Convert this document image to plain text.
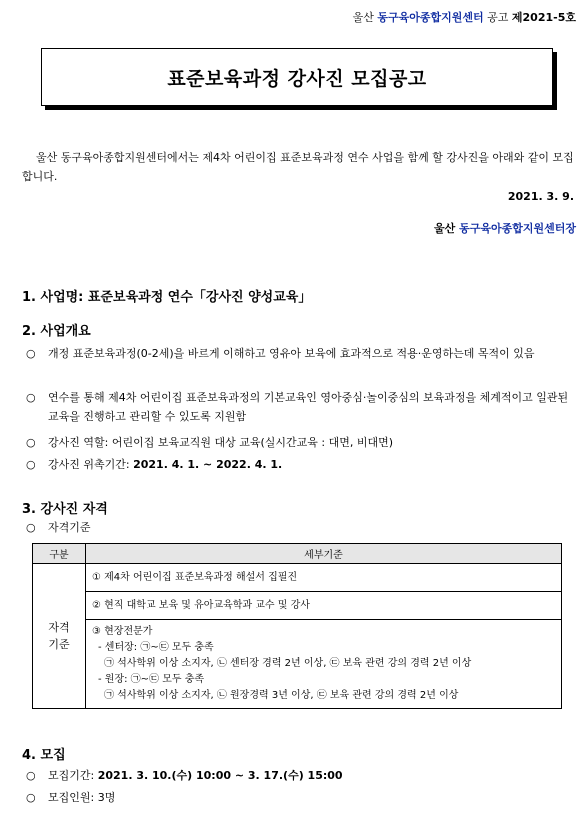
울산 동구육아종합지원센터 공고 제2021-5호
표준보육과정 강사진 모집공고
울산 동구육아종합지원센터에서는 제4차 어린이집 표준보육과정 연수 사업을 함께 할 강사진을 아래와 같이 모집합니다.
2021. 3. 9.
울산 동구육아종합지원센터장
1. 사업명: 표준보육과정 연수「강사진 양성교육」
2. 사업개요
○ 개정 표준보육과정(0-2세)을 바르게 이해하고 영유아 보육에 효과적으로 적용·운영하는데 목적이 있음
○ 연수를 통해 제4차 어린이집 표준보육과정의 기본교육인 영아중심·놀이중심의 보육과정을 체계적이고 일관된 교육을 진행하고 관리할 수 있도록 지원함
○ 강사진 역할: 어린이집 보육교직원 대상 교육(실시간교육 : 대면, 비대면)
○ 강사진 위촉기간: 2021. 4. 1. ~ 2022. 4. 1.
3. 강사진 자격
○ 자격기준
구분	세부기준
자격
기준	① 제4차 어린이집 표준보육과정 해설서 집필진
	② 현직 대학교 보육 및 유아교육학과 교수 및 강사

	③ 현장전문가
- 센터장: ㉠~㉢ 모두 충족
㉠ 석사학위 이상 소지자, ㉡ 센터장 경력 2년 이상, ㉢ 보육 관련 강의 경력 2년 이상
- 원장: ㉠~㉢ 모두 충족
㉠ 석사학위 이상 소지자, ㉡ 원장경력 3년 이상, ㉢ 보육 관련 강의 경력 2년 이상
4. 모집
○ 모집기간: 2021. 3. 10.(수) 10:00 ~ 3. 17.(수) 15:00
○ 모집인원: 3명
